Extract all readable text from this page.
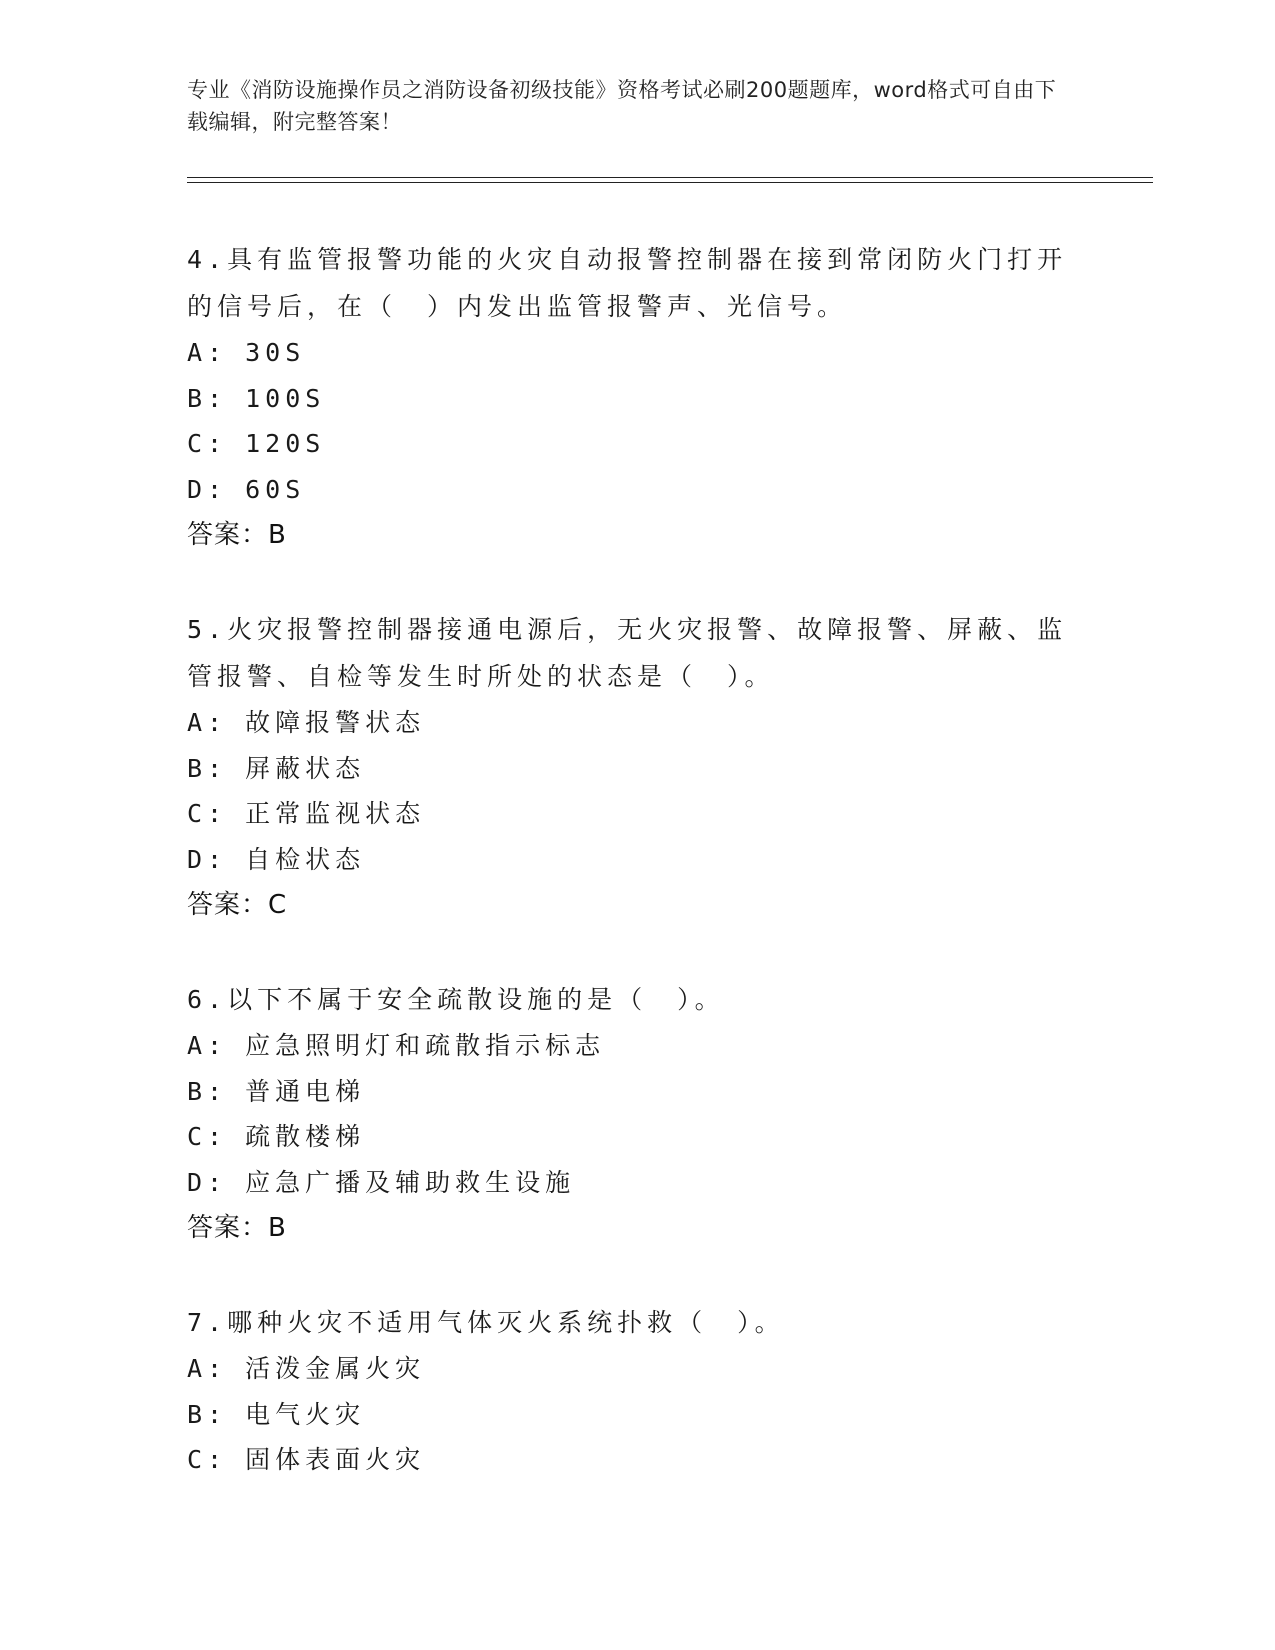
专业《消防设施操作员之消防设备初级技能》资格考试必刷200题题库，word格式可自由下载编辑，附完整答案！

4.具有监管报警功能的火灾自动报警控制器在接到常闭防火门打开的信号后，在（　）内发出监管报警声、光信号。

A: 30S

B: 100S

C: 120S

D: 60S

答案：B

5.火灾报警控制器接通电源后，无火灾报警、故障报警、屏蔽、监管报警、自检等发生时所处的状态是（　）。

A: 故障报警状态

B: 屏蔽状态

C: 正常监视状态

D: 自检状态

答案：C

6.以下不属于安全疏散设施的是（　）。

A: 应急照明灯和疏散指示标志

B: 普通电梯

C: 疏散楼梯

D: 应急广播及辅助救生设施

答案：B

7.哪种火灾不适用气体灭火系统扑救（　）。

A: 活泼金属火灾

B: 电气火灾

C: 固体表面火灾
